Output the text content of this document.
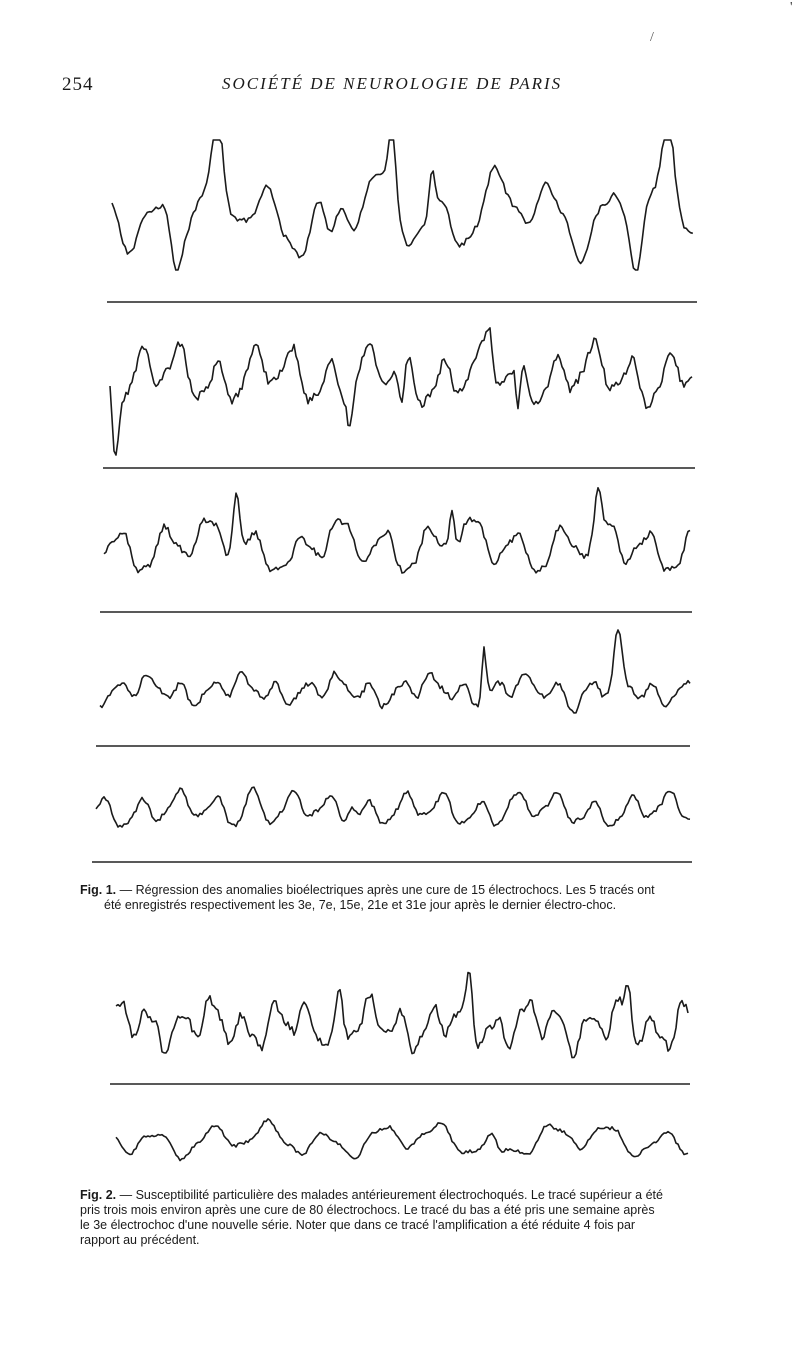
254	SOCIÉTÉ DE NEUROLOGIE DE PARIS
/
'
Fig. 1. — Régression des anomalies bioélectriques après une cure de 15 électrochocs. Les 5 tracés ont
été enregistrés respectivement les 3e, 7e, 15e, 21e et 31e jour après le dernier électro-choc.
Fig. 2. — Susceptibilité particulière des malades antérieurement électrochoqués. Le tracé supérieur a été
pris trois mois environ après une cure de 80 électrochocs. Le tracé du bas a été pris une semaine après
le 3e électrochoc d'une nouvelle série. Noter que dans ce tracé l'amplification a été réduite 4 fois par
rapport au précédent.
